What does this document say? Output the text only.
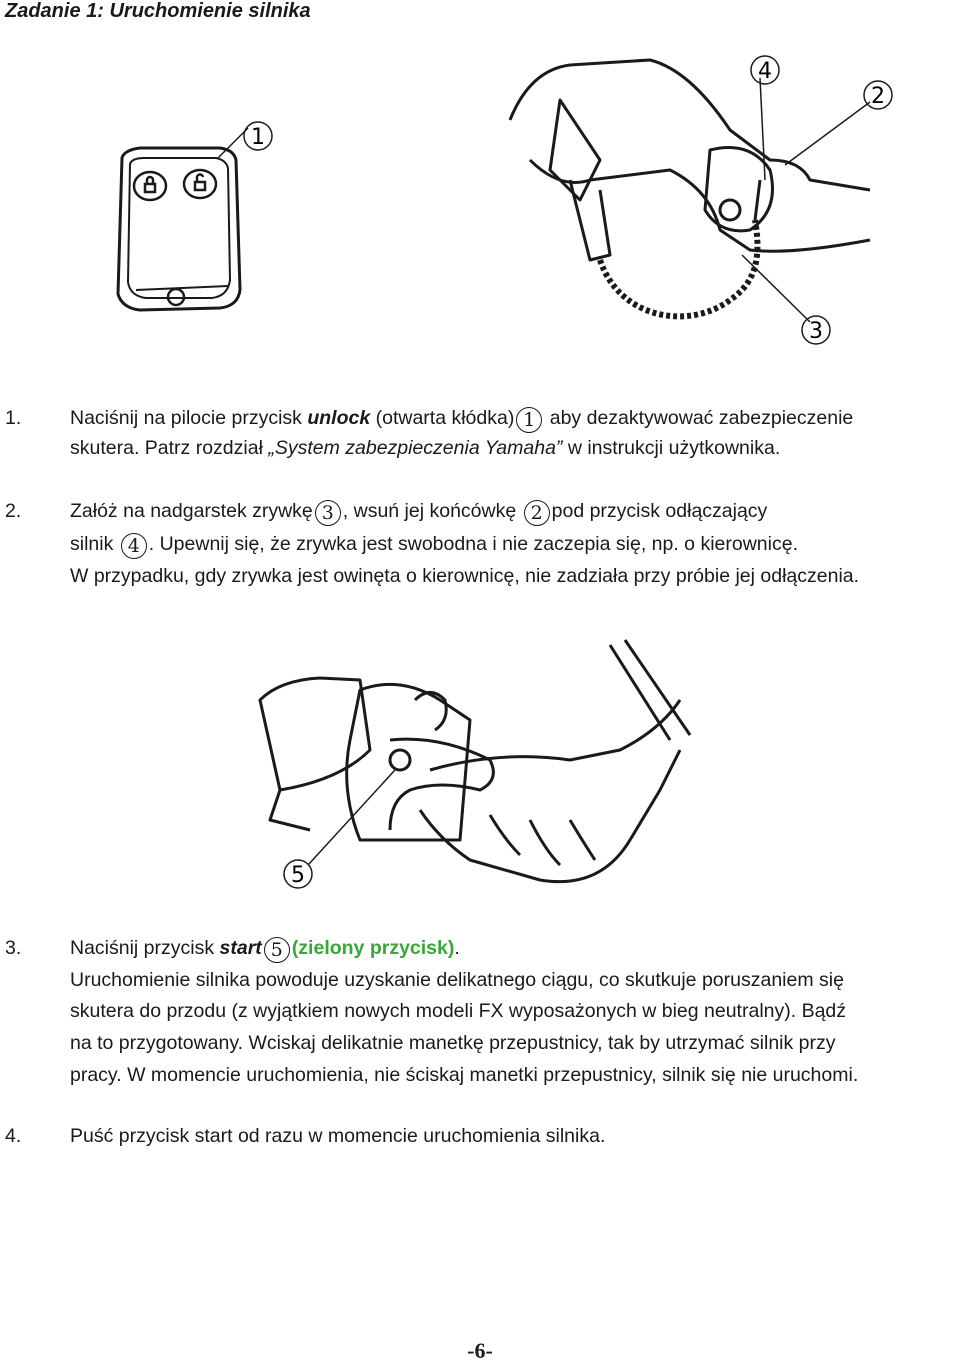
Zadanie 1: Uruchomienie silnika
1
4
2
3
1. Naciśnij na pilocie przycisk unlock (otwarta kłódka) 1 aby dezaktywować zabezpieczenie
skutera. Patrz rozdział „System zabezpieczenia Yamaha” w instrukcji użytkownika.
2. Załóż na nadgarstek zrywkę 3 , wsuń jej końcówkę 2 pod przycisk odłączający
silnik 4 . Upewnij się, że zrywka jest swobodna i nie zaczepia się, np. o kierownicę.
W przypadku, gdy zrywka jest owinęta o kierownicę, nie zadziała przy próbie jej odłączenia.
5
3. Naciśnij przycisk start 5 (zielony przycisk).
Uruchomienie silnika powoduje uzyskanie delikatnego ciągu, co skutkuje poruszaniem się
skutera do przodu (z wyjątkiem nowych modeli FX wyposażonych w bieg neutralny). Bądź
na to przygotowany. Wciskaj delikatnie manetkę przepustnicy, tak by utrzymać silnik przy
pracy. W momencie uruchomienia, nie ściskaj manetki przepustnicy, silnik się nie uruchomi.
4. Puść przycisk start od razu w momencie uruchomienia silnika.
-6-
